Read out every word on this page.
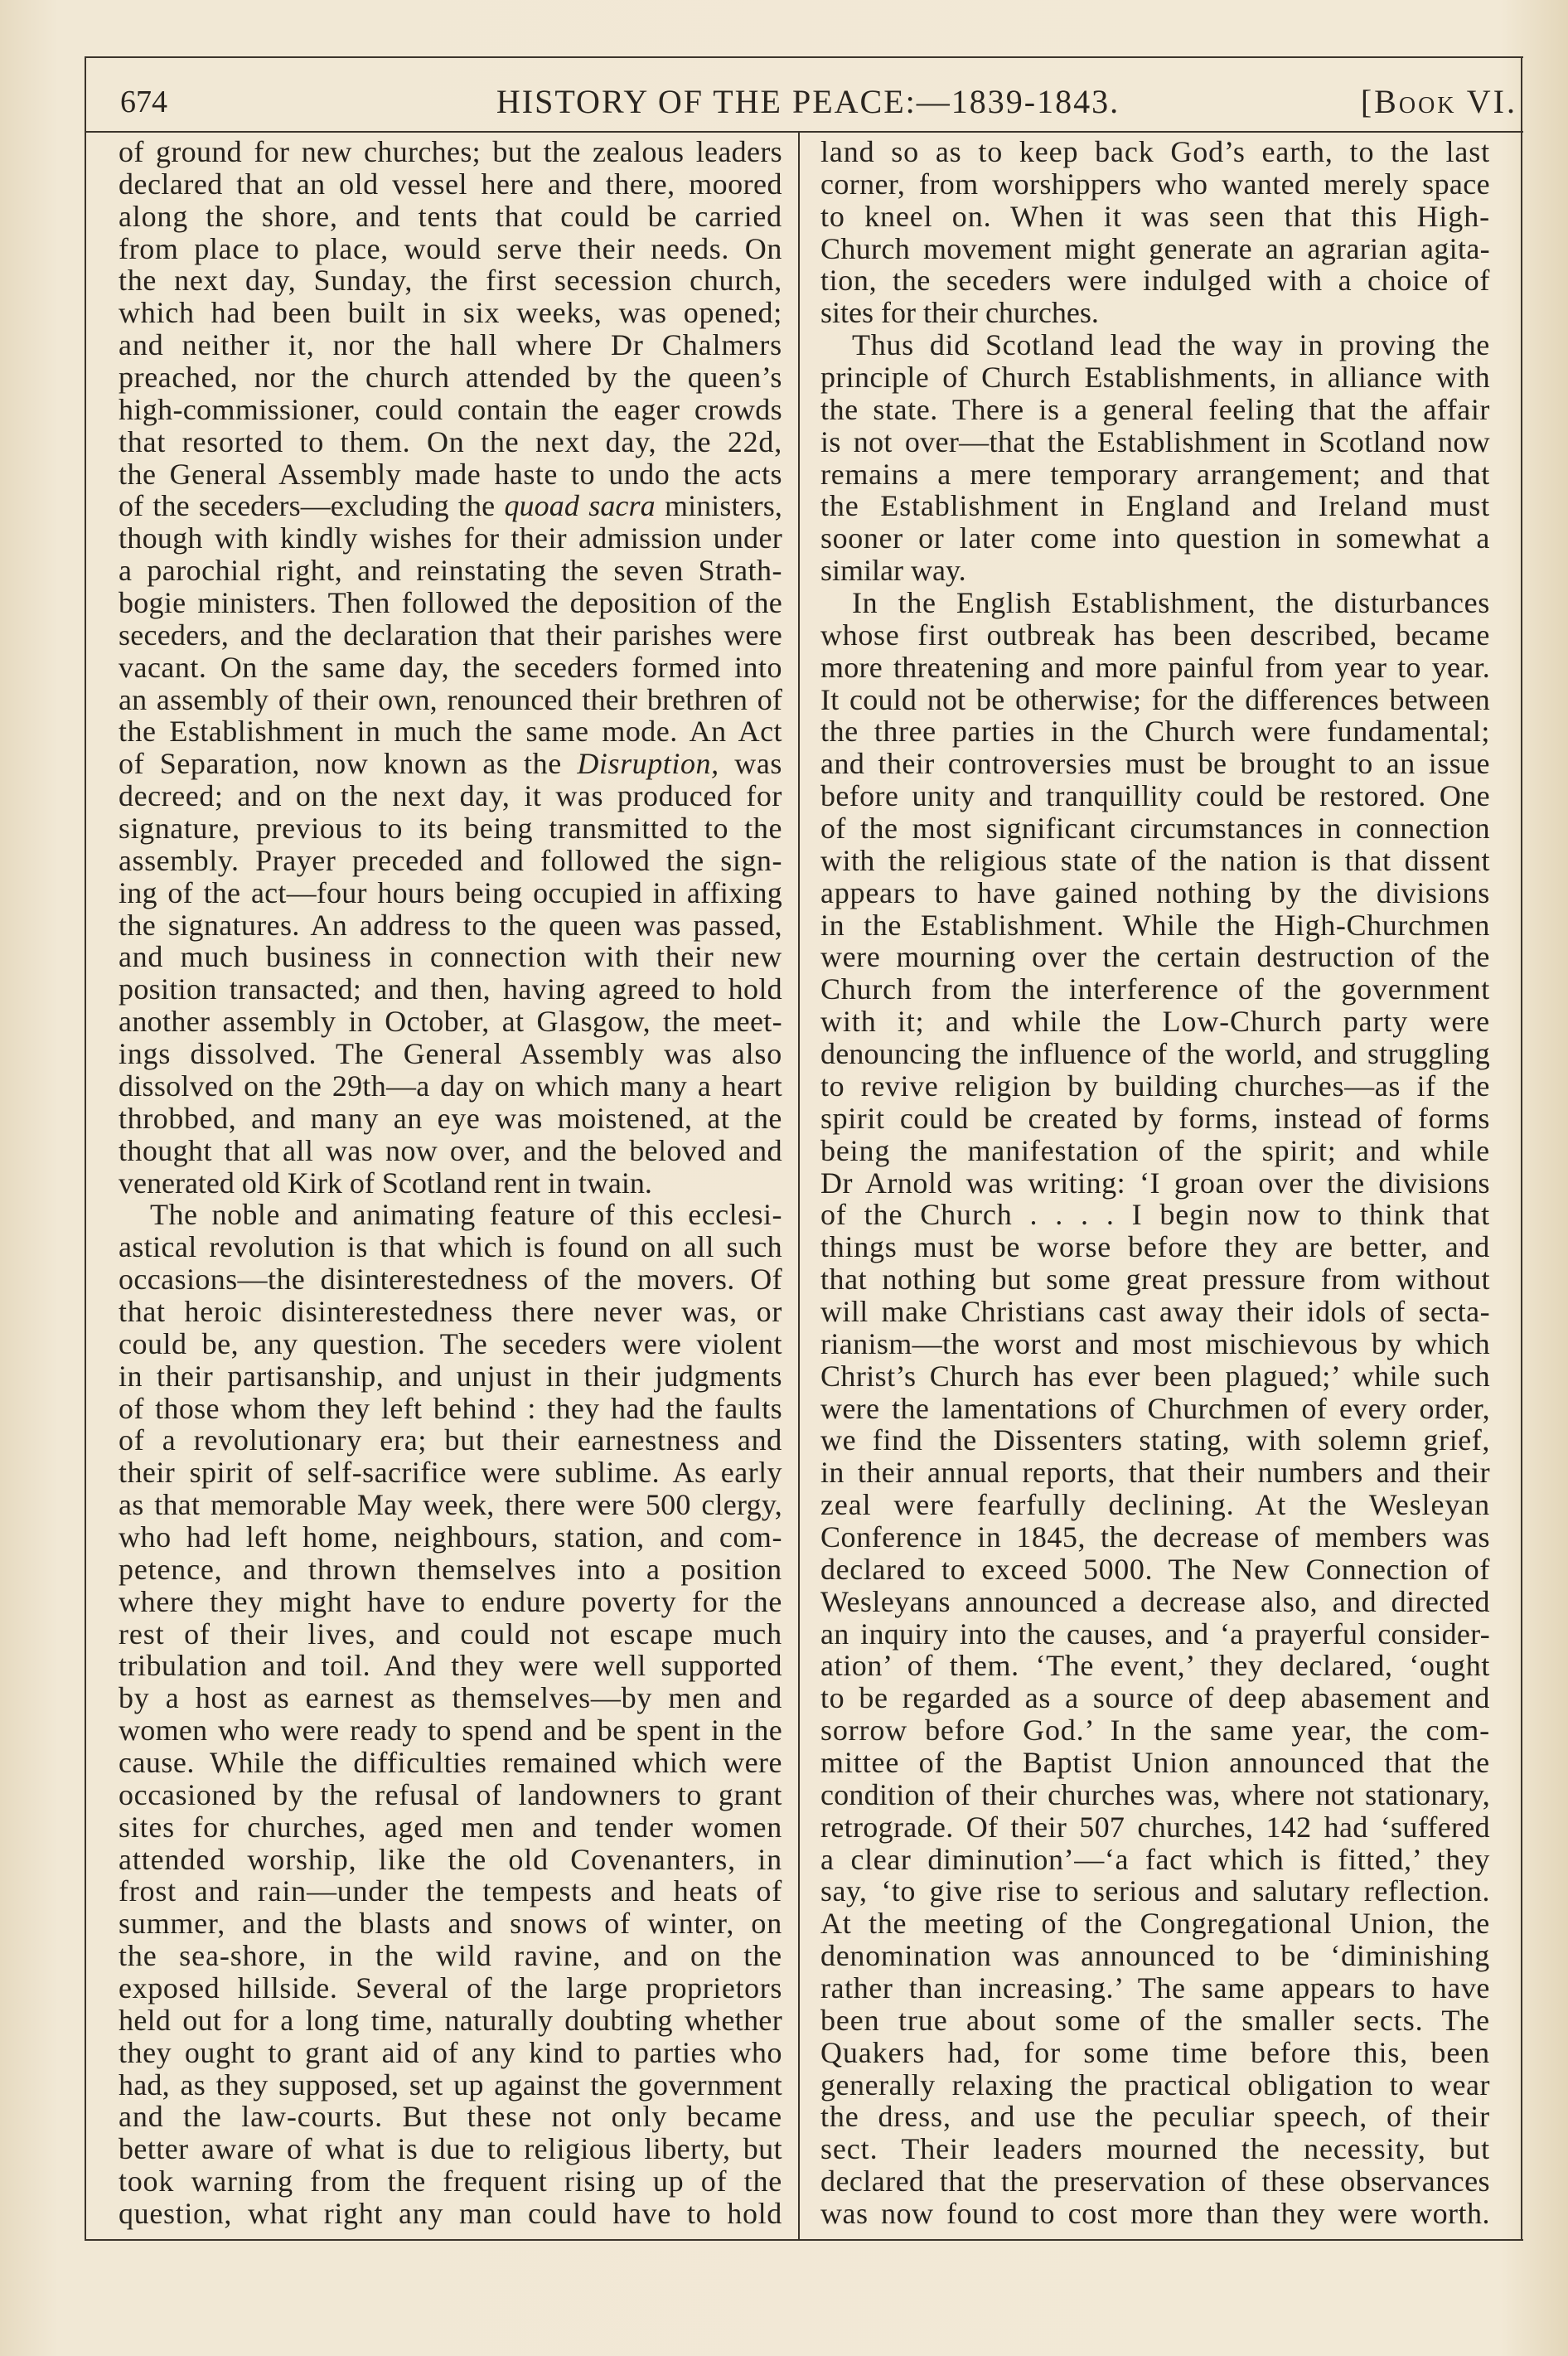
674	HISTORY OF THE PEACE:—1839-1843.	[Book VI.
of ground for new churches; but the zealous leaders
declared that an old vessel here and there, moored
along the shore, and tents that could be carried
from place to place, would serve their needs. On
the next day, Sunday, the first secession church,
which had been built in six weeks, was opened;
and neither it, nor the hall where Dr Chalmers
preached, nor the church attended by the queen’s
high-commissioner, could contain the eager crowds
that resorted to them. On the next day, the 22d,
the General Assembly made haste to undo the acts
of the seceders—excluding the quoad sacra ministers,
though with kindly wishes for their admission under
a parochial right, and reinstating the seven Strath-
bogie ministers. Then followed the deposition of the
seceders, and the declaration that their parishes were
vacant. On the same day, the seceders formed into
an assembly of their own, renounced their brethren of
the Establishment in much the same mode. An Act
of Separation, now known as the Disruption, was
decreed; and on the next day, it was produced for
signature, previous to its being transmitted to the
assembly. Prayer preceded and followed the sign-
ing of the act—four hours being occupied in affixing
the signatures. An address to the queen was passed,
and much business in connection with their new
position transacted; and then, having agreed to hold
another assembly in October, at Glasgow, the meet-
ings dissolved. The General Assembly was also
dissolved on the 29th—a day on which many a heart
throbbed, and many an eye was moistened, at the
thought that all was now over, and the beloved and
venerated old Kirk of Scotland rent in twain.
The noble and animating feature of this ecclesi-
astical revolution is that which is found on all such
occasions—the disinterestedness of the movers. Of
that heroic disinterestedness there never was, or
could be, any question. The seceders were violent
in their partisanship, and unjust in their judgments
of those whom they left behind : they had the faults
of a revolutionary era; but their earnestness and
their spirit of self-sacrifice were sublime. As early
as that memorable May week, there were 500 clergy,
who had left home, neighbours, station, and com-
petence, and thrown themselves into a position
where they might have to endure poverty for the
rest of their lives, and could not escape much
tribulation and toil. And they were well supported
by a host as earnest as themselves—by men and
women who were ready to spend and be spent in the
cause. While the difficulties remained which were
occasioned by the refusal of landowners to grant
sites for churches, aged men and tender women
attended worship, like the old Covenanters, in
frost and rain—under the tempests and heats of
summer, and the blasts and snows of winter, on
the sea-shore, in the wild ravine, and on the
exposed hillside. Several of the large proprietors
held out for a long time, naturally doubting whether
they ought to grant aid of any kind to parties who
had, as they supposed, set up against the government
and the law-courts. But these not only became
better aware of what is due to religious liberty, but
took warning from the frequent rising up of the
question, what right any man could have to hold
land so as to keep back God’s earth, to the last
corner, from worshippers who wanted merely space
to kneel on. When it was seen that this High-
Church movement might generate an agrarian agita-
tion, the seceders were indulged with a choice of
sites for their churches.
Thus did Scotland lead the way in proving the
principle of Church Establishments, in alliance with
the state. There is a general feeling that the affair
is not over—that the Establishment in Scotland now
remains a mere temporary arrangement; and that
the Establishment in England and Ireland must
sooner or later come into question in somewhat a
similar way.
In the English Establishment, the disturbances
whose first outbreak has been described, became
more threatening and more painful from year to year.
It could not be otherwise; for the differences between
the three parties in the Church were fundamental;
and their controversies must be brought to an issue
before unity and tranquillity could be restored. One
of the most significant circumstances in connection
with the religious state of the nation is that dissent
appears to have gained nothing by the divisions
in the Establishment. While the High-Churchmen
were mourning over the certain destruction of the
Church from the interference of the government
with it; and while the Low-Church party were
denouncing the influence of the world, and struggling
to revive religion by building churches—as if the
spirit could be created by forms, instead of forms
being the manifestation of the spirit; and while
Dr Arnold was writing: ‘I groan over the divisions
of the Church . . . . I begin now to think that
things must be worse before they are better, and
that nothing but some great pressure from without
will make Christians cast away their idols of secta-
rianism—the worst and most mischievous by which
Christ’s Church has ever been plagued;’ while such
were the lamentations of Churchmen of every order,
we find the Dissenters stating, with solemn grief,
in their annual reports, that their numbers and their
zeal were fearfully declining. At the Wesleyan
Conference in 1845, the decrease of members was
declared to exceed 5000. The New Connection of
Wesleyans announced a decrease also, and directed
an inquiry into the causes, and ‘a prayerful consider-
ation’ of them. ‘The event,’ they declared, ‘ought
to be regarded as a source of deep abasement and
sorrow before God.’ In the same year, the com-
mittee of the Baptist Union announced that the
condition of their churches was, where not stationary,
retrograde. Of their 507 churches, 142 had ‘suffered
a clear diminution’—‘a fact which is fitted,’ they
say, ‘to give rise to serious and salutary reflection.
At the meeting of the Congregational Union, the
denomination was announced to be ‘diminishing
rather than increasing.’ The same appears to have
been true about some of the smaller sects. The
Quakers had, for some time before this, been
generally relaxing the practical obligation to wear
the dress, and use the peculiar speech, of their
sect. Their leaders mourned the necessity, but
declared that the preservation of these observances
was now found to cost more than they were worth.
